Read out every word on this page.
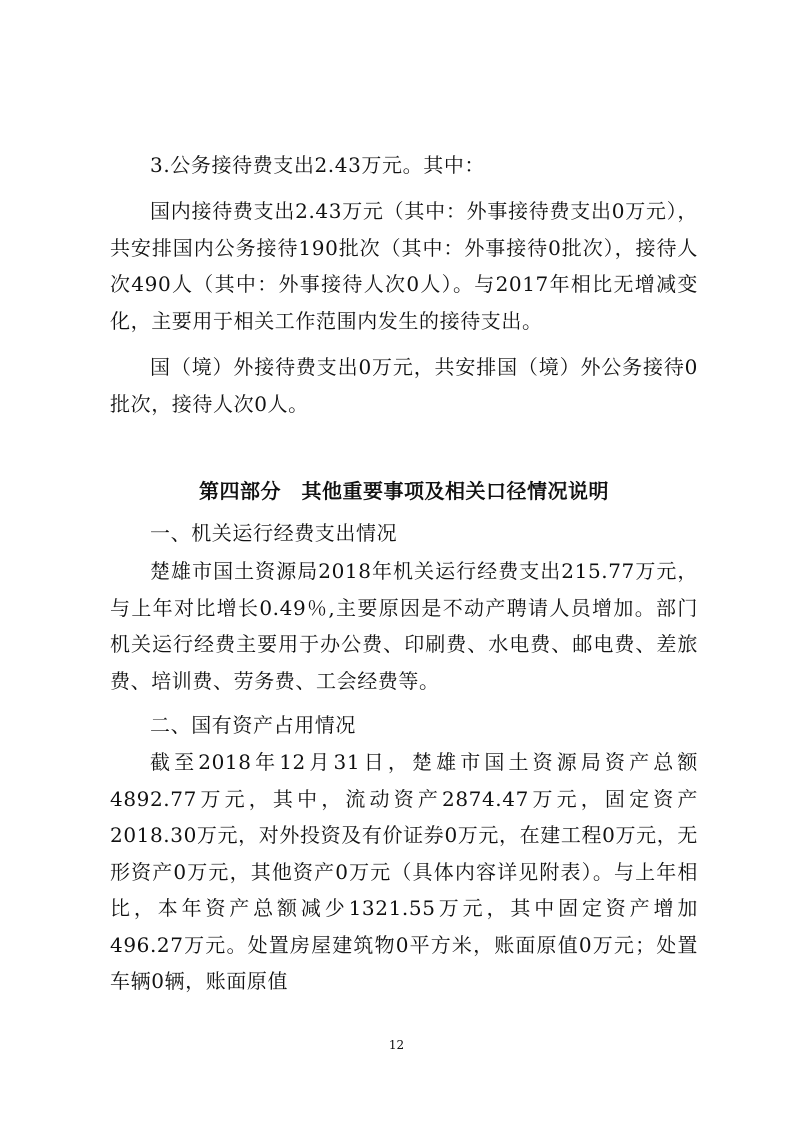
3.公务接待费支出2.43万元。其中：

国内接待费支出2.43万元（其中：外事接待费支出0万元），共安排国内公务接待190批次（其中：外事接待0批次），接待人次490人（其中：外事接待人次0人）。与2017年相比无增减变化，主要用于相关工作范围内发生的接待支出。

国（境）外接待费支出0万元，共安排国（境）外公务接待0批次，接待人次0人。

第四部分　其他重要事项及相关口径情况说明

一、机关运行经费支出情况

楚雄市国土资源局2018年机关运行经费支出215.77万元，与上年对比增长0.49％,主要原因是不动产聘请人员增加。部门机关运行经费主要用于办公费、印刷费、水电费、邮电费、差旅费、培训费、劳务费、工会经费等。

二、国有资产占用情况

截至2018年12月31日，楚雄市国土资源局资产总额4892.77万元，其中，流动资产2874.47万元，固定资产2018.30万元，对外投资及有价证券0万元，在建工程0万元，无形资产0万元，其他资产0万元（具体内容详见附表）。与上年相比，本年资产总额减少1321.55万元，其中固定资产增加496.27万元。处置房屋建筑物0平方米，账面原值0万元；处置车辆0辆，账面原值

12
